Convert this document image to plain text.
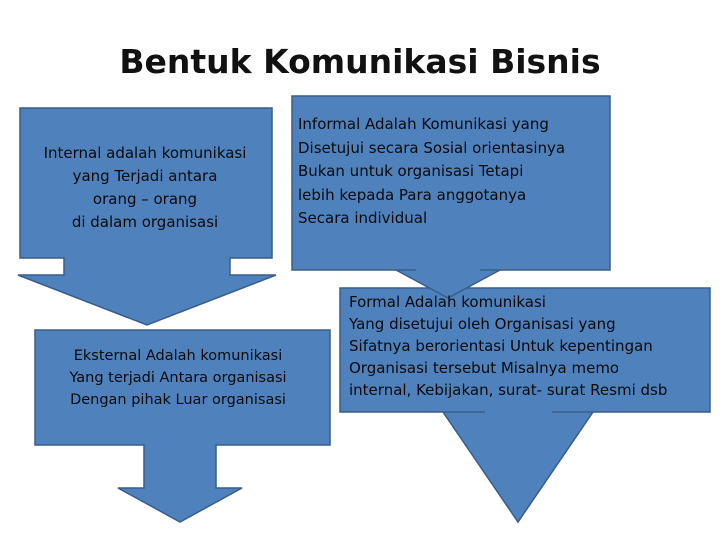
Bentuk Komunikasi Bisnis
Internal adalah komunikasi
yang Terjadi antara
orang – orang
di dalam organisasi
Eksternal Adalah komunikasi
Yang terjadi Antara organisasi
Dengan pihak Luar organisasi
Informal Adalah Komunikasi yang
Disetujui secara Sosial orientasinya
Bukan untuk organisasi Tetapi
lebih kepada Para anggotanya
Secara individual
Formal Adalah komunikasi
Yang disetujui oleh Organisasi yang
Sifatnya berorientasi Untuk kepentingan
Organisasi tersebut Misalnya memo
internal, Kebijakan, surat- surat Resmi dsb
